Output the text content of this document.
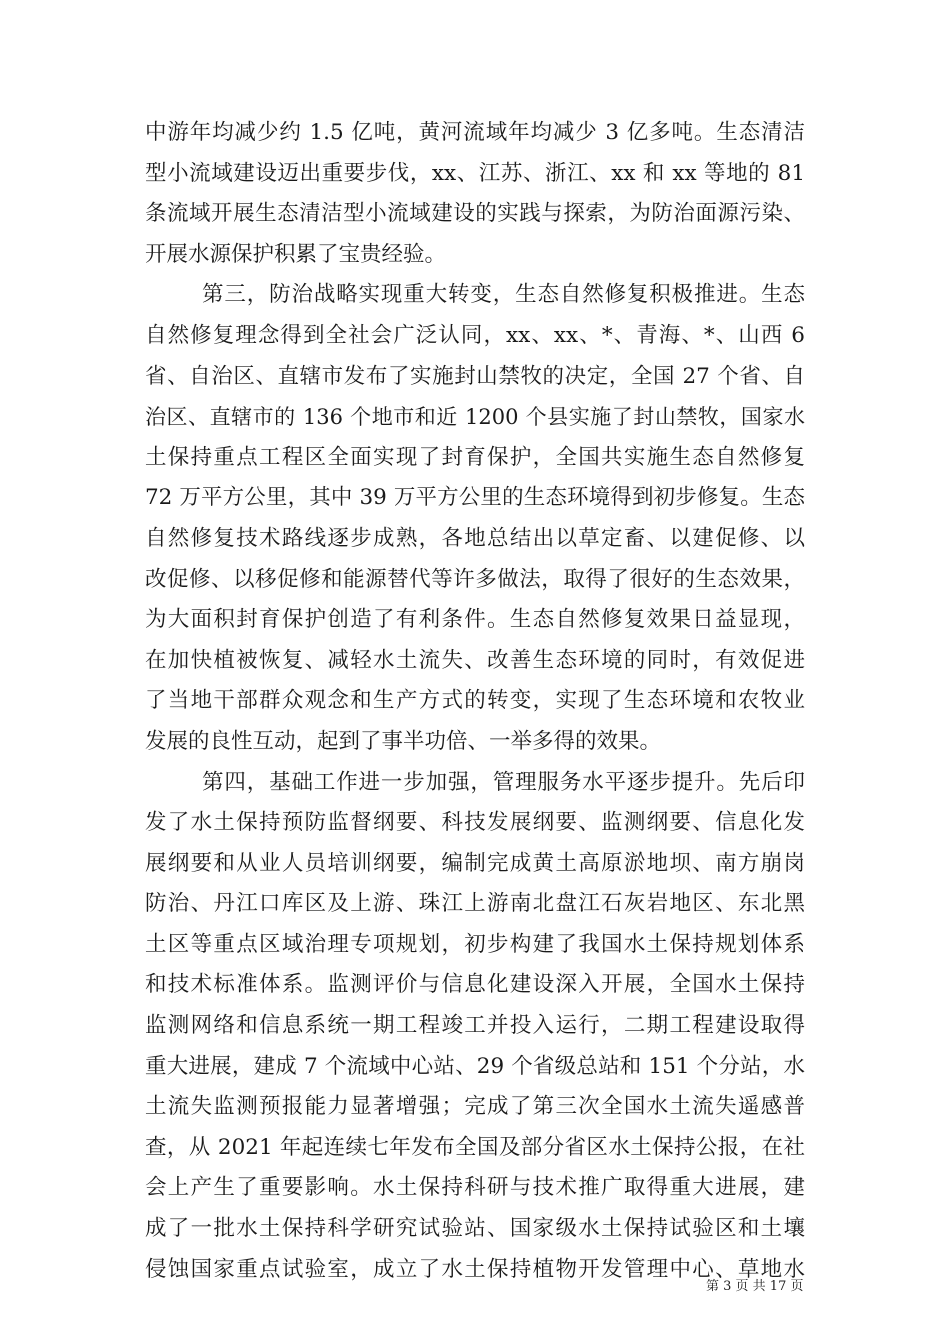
中游年均减少约 1.5 亿吨，黄河流域年均减少 3 亿多吨。生态清洁
型小流域建设迈出重要步伐，xx、江苏、浙江、xx 和 xx 等地的 81
条流域开展生态清洁型小流域建设的实践与探索，为防治面源污染、
开展水源保护积累了宝贵经验。
第三，防治战略实现重大转变，生态自然修复积极推进。生态
自然修复理念得到全社会广泛认同，xx、xx、*、青海、*、山西 6
省、自治区、直辖市发布了实施封山禁牧的决定，全国 27 个省、自
治区、直辖市的 136 个地市和近 1200 个县实施了封山禁牧，国家水
土保持重点工程区全面实现了封育保护，全国共实施生态自然修复
72 万平方公里，其中 39 万平方公里的生态环境得到初步修复。生态
自然修复技术路线逐步成熟，各地总结出以草定畜、以建促修、以
改促修、以移促修和能源替代等许多做法，取得了很好的生态效果，
为大面积封育保护创造了有利条件。生态自然修复效果日益显现，
在加快植被恢复、减轻水土流失、改善生态环境的同时，有效促进
了当地干部群众观念和生产方式的转变，实现了生态环境和农牧业
发展的良性互动，起到了事半功倍、一举多得的效果。
第四，基础工作进一步加强，管理服务水平逐步提升。先后印
发了水土保持预防监督纲要、科技发展纲要、监测纲要、信息化发
展纲要和从业人员培训纲要，编制完成黄土高原淤地坝、南方崩岗
防治、丹江口库区及上游、珠江上游南北盘江石灰岩地区、东北黑
土区等重点区域治理专项规划，初步构建了我国水土保持规划体系
和技术标准体系。监测评价与信息化建设深入开展，全国水土保持
监测网络和信息系统一期工程竣工并投入运行，二期工程建设取得
重大进展，建成 7 个流域中心站、29 个省级总站和 151 个分站，水
土流失监测预报能力显著增强；完成了第三次全国水土流失遥感普
查，从 2021 年起连续七年发布全国及部分省区水土保持公报，在社
会上产生了重要影响。水土保持科研与技术推广取得重大进展，建
成了一批水土保持科学研究试验站、国家级水土保持试验区和土壤
侵蚀国家重点试验室，成立了水土保持植物开发管理中心、草地水
第 3 页 共 17 页
